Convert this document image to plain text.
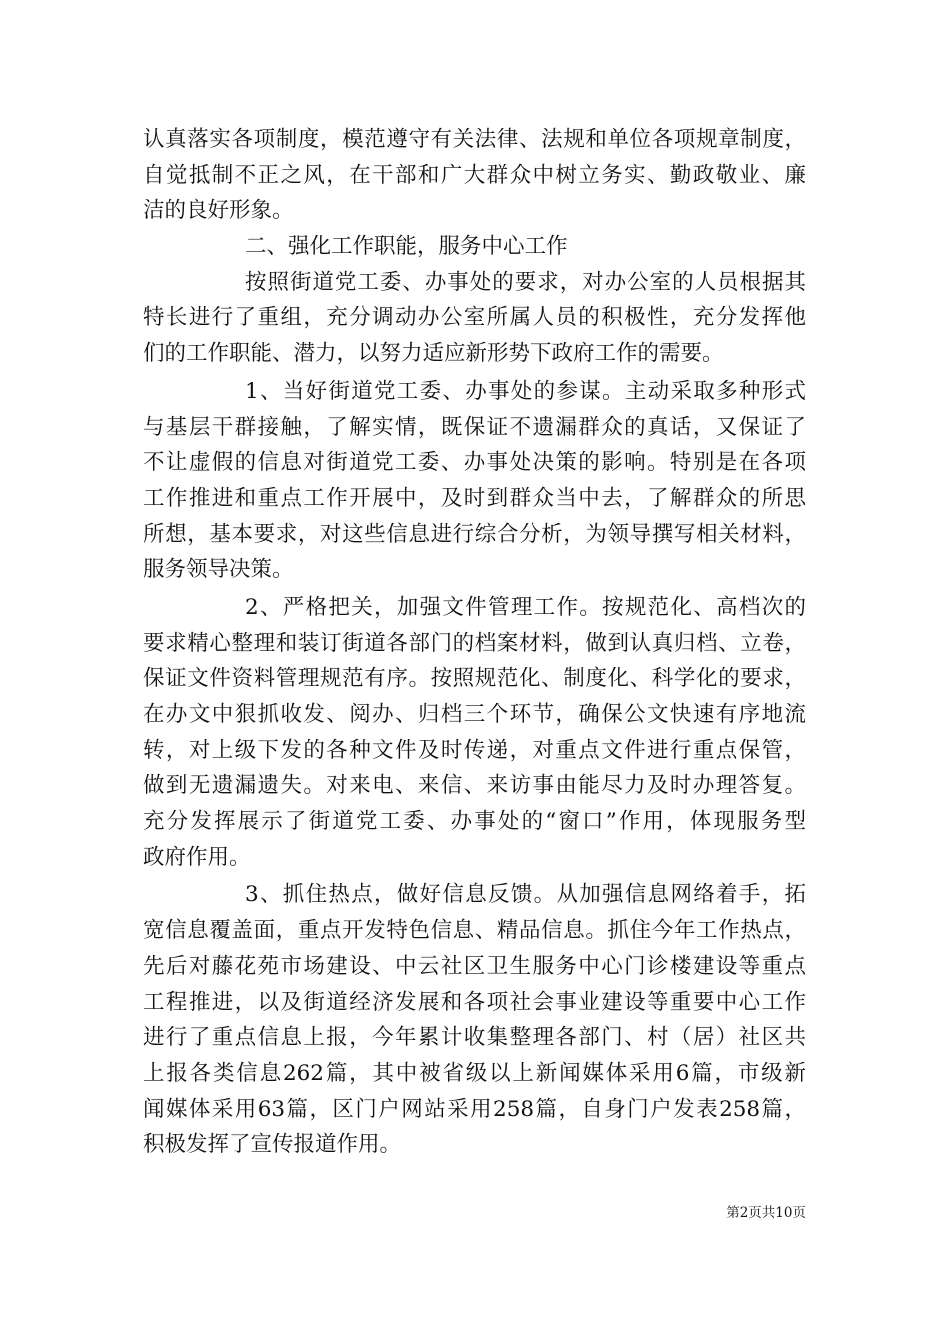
认真落实各项制度，模范遵守有关法律、法规和单位各项规章制度，
自觉抵制不正之风，在干部和广大群众中树立务实、勤政敬业、廉
洁的良好形象。
二、强化工作职能，服务中心工作
按照街道党工委、办事处的要求，对办公室的人员根据其
特长进行了重组，充分调动办公室所属人员的积极性，充分发挥他
们的工作职能、潜力，以努力适应新形势下政府工作的需要。
1、当好街道党工委、办事处的参谋。主动采取多种形式
与基层干群接触，了解实情，既保证不遗漏群众的真话，又保证了
不让虚假的信息对街道党工委、办事处决策的影响。特别是在各项
工作推进和重点工作开展中，及时到群众当中去，了解群众的所思
所想，基本要求，对这些信息进行综合分析，为领导撰写相关材料，
服务领导决策。
2、严格把关，加强文件管理工作。按规范化、高档次的
要求精心整理和装订街道各部门的档案材料，做到认真归档、立卷，
保证文件资料管理规范有序。按照规范化、制度化、科学化的要求，
在办文中狠抓收发、阅办、归档三个环节，确保公文快速有序地流
转，对上级下发的各种文件及时传递，对重点文件进行重点保管，
做到无遗漏遗失。对来电、来信、来访事由能尽力及时办理答复。
充分发挥展示了街道党工委、办事处的“窗口”作用，体现服务型
政府作用。
3、抓住热点，做好信息反馈。从加强信息网络着手，拓
宽信息覆盖面，重点开发特色信息、精品信息。抓住今年工作热点，
先后对藤花苑市场建设、中云社区卫生服务中心门诊楼建设等重点
工程推进，以及街道经济发展和各项社会事业建设等重要中心工作
进行了重点信息上报，今年累计收集整理各部门、村（居）社区共
上报各类信息262篇，其中被省级以上新闻媒体采用6篇，市级新
闻媒体采用63篇，区门户网站采用258篇，自身门户发表258篇，
积极发挥了宣传报道作用。
第2页共10页
